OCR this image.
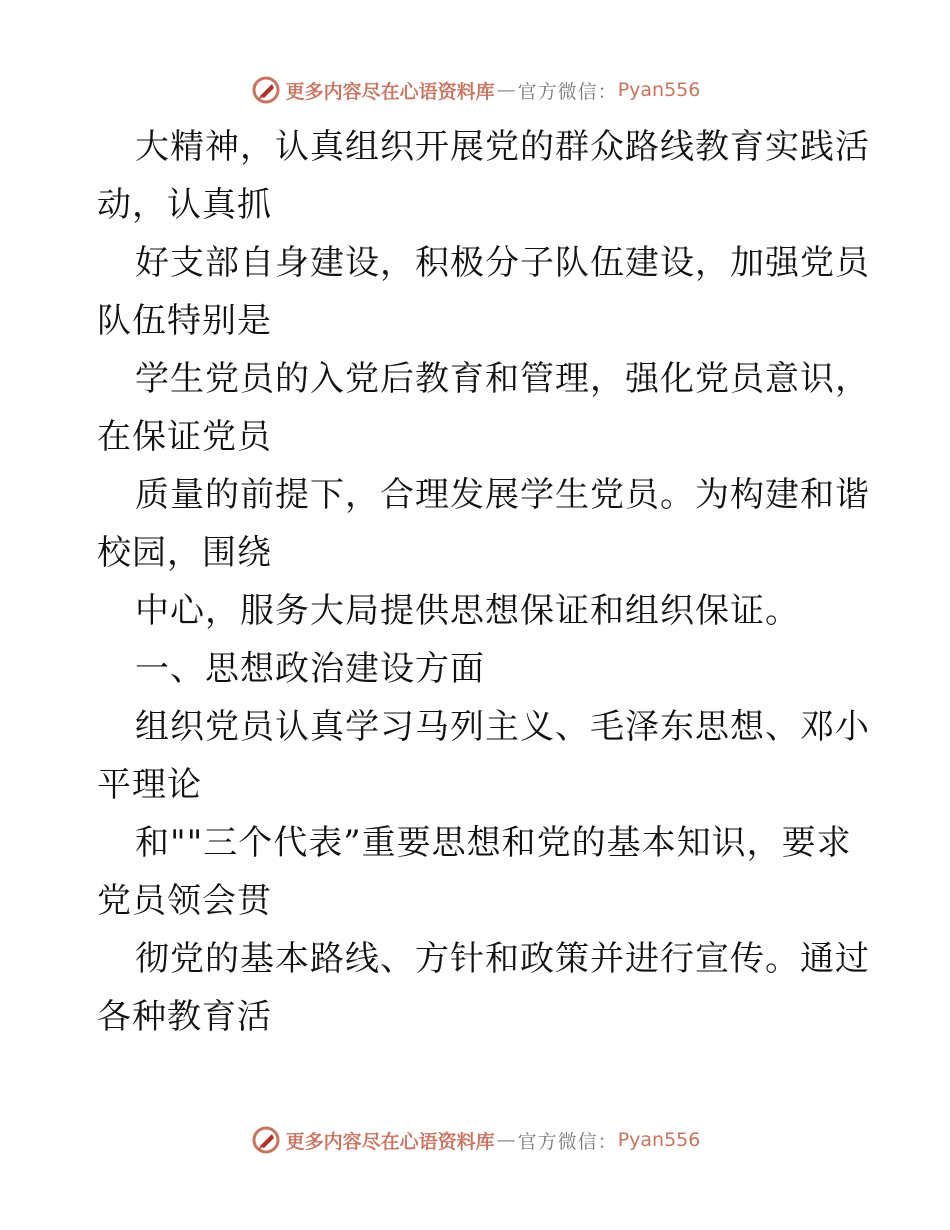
更多内容尽在心语资料库 — 官方微信： Pyan556

大精神，认真组织开展党的群众路线教育实践活
动，认真抓

好支部自身建设，积极分子队伍建设，加强党员
队伍特别是

学生党员的入党后教育和管理，强化党员意识，
在保证党员

质量的前提下，合理发展学生党员。为构建和谐
校园，围绕

中心，服务大局提供思想保证和组织保证。

一、思想政治建设方面

组织党员认真学习马列主义、毛泽东思想、邓小
平理论

和""三个代表”重要思想和党的基本知识，要求
党员领会贯

彻党的基本路线、方针和政策并进行宣传。通过
各种教育活

更多内容尽在心语资料库 — 官方微信： Pyan556
